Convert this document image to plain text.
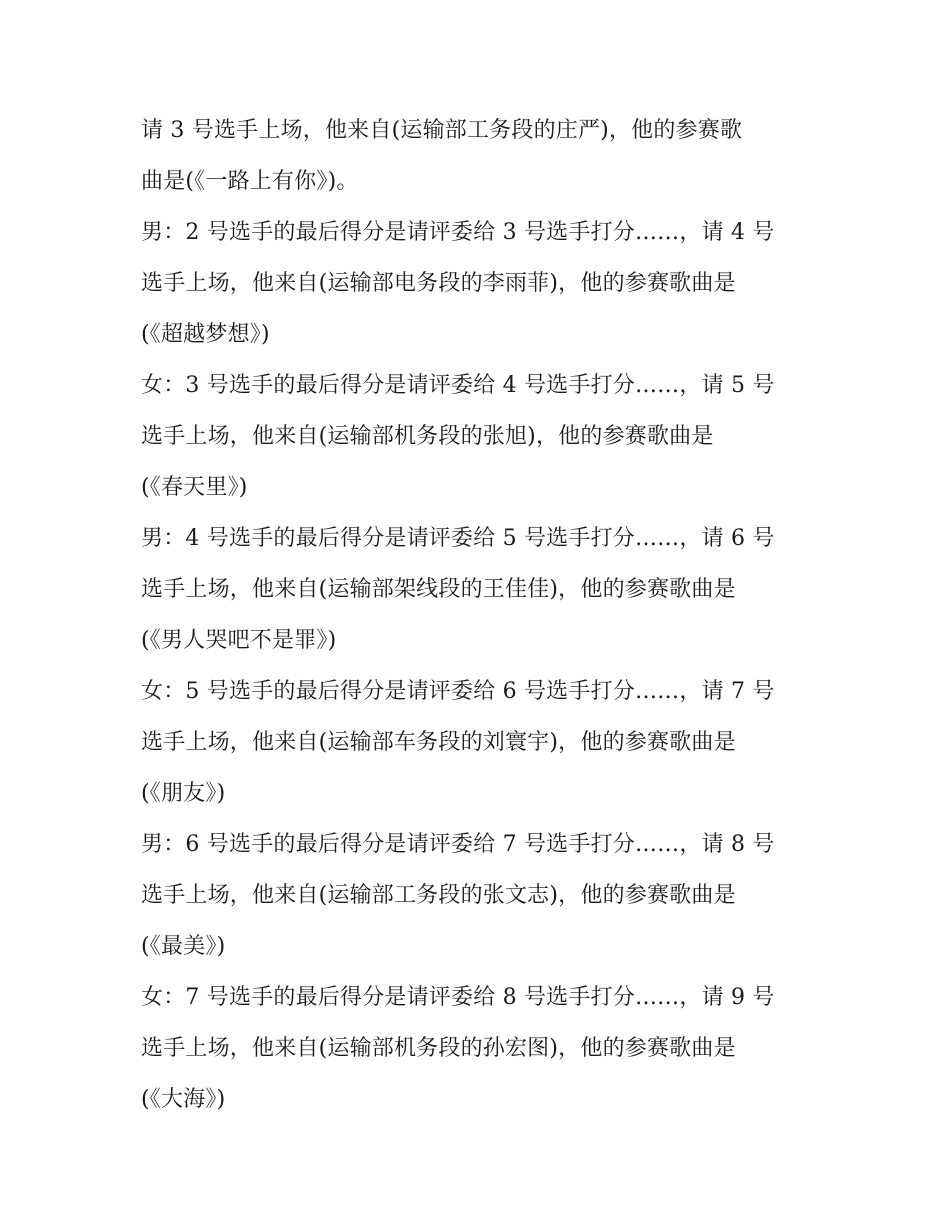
请 3 号选手上场，他来自(运输部工务段的庄严)，他的参赛歌
曲是(《一路上有你》)。
男：2 号选手的最后得分是请评委给 3 号选手打分……，请 4 号
选手上场，他来自(运输部电务段的李雨菲)，他的参赛歌曲是
(《超越梦想》)
女：3 号选手的最后得分是请评委给 4 号选手打分……，请 5 号
选手上场，他来自(运输部机务段的张旭)，他的参赛歌曲是
(《春天里》)
男：4 号选手的最后得分是请评委给 5 号选手打分……，请 6 号
选手上场，他来自(运输部架线段的王佳佳)，他的参赛歌曲是
(《男人哭吧不是罪》)
女：5 号选手的最后得分是请评委给 6 号选手打分……，请 7 号
选手上场，他来自(运输部车务段的刘寰宇)，他的参赛歌曲是
(《朋友》)
男：6 号选手的最后得分是请评委给 7 号选手打分……，请 8 号
选手上场，他来自(运输部工务段的张文志)，他的参赛歌曲是
(《最美》)
女：7 号选手的最后得分是请评委给 8 号选手打分……，请 9 号
选手上场，他来自(运输部机务段的孙宏图)，他的参赛歌曲是
(《大海》)
